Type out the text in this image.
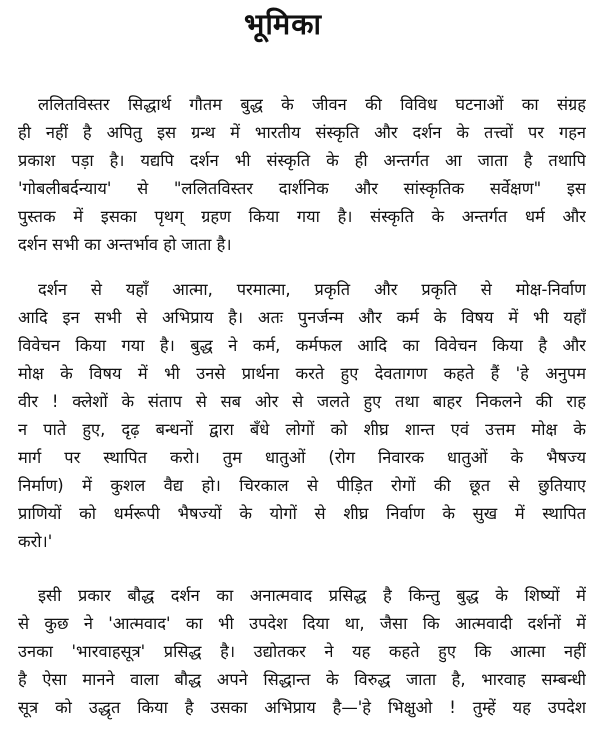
भूमिका
ललितविस्तर सिद्धार्थ गौतम बुद्ध के जीवन की विविध घटनाओं का संग्रह
ही नहीं है अपितु इस ग्रन्थ में भारतीय संस्कृति और दर्शन के तत्त्वों पर गहन
प्रकाश पड़ा है। यद्यपि दर्शन भी संस्कृति के ही अन्तर्गत आ जाता है तथापि
'गोबलीबर्दन्याय' से "ललितविस्तर दार्शनिक और सांस्कृतिक सर्वेक्षण" इस
पुस्तक में इसका पृथग् ग्रहण किया गया है। संस्कृति के अन्तर्गत धर्म और
दर्शन सभी का अन्तर्भाव हो जाता है।
दर्शन से यहाँ आत्मा, परमात्मा, प्रकृति और प्रकृति से मोक्ष-निर्वाण
आदि इन सभी से अभिप्राय है। अतः पुनर्जन्म और कर्म के विषय में भी यहाँ
विवेचन किया गया है। बुद्ध ने कर्म, कर्मफल आदि का विवेचन किया है और
मोक्ष के विषय में भी उनसे प्रार्थना करते हुए देवतागण कहते हैं 'हे अनुपम
वीर ! क्लेशों के संताप से सब ओर से जलते हुए तथा बाहर निकलने की राह
न पाते हुए, दृढ़ बन्धनों द्वारा बँधे लोगों को शीघ्र शान्त एवं उत्तम मोक्ष के
मार्ग पर स्थापित करो। तुम धातुओं (रोग निवारक धातुओं के भैषज्य
निर्माण) में कुशल वैद्य हो। चिरकाल से पीड़ित रोगों की छूत से छुतियाए
प्राणियों को धर्मरूपी भैषज्यों के योगों से शीघ्र निर्वाण के सुख में स्थापित
करो।'
इसी प्रकार बौद्ध दर्शन का अनात्मवाद प्रसिद्ध है किन्तु बुद्ध के शिष्यों में
से कुछ ने 'आत्मवाद' का भी उपदेश दिया था, जैसा कि आत्मवादी दर्शनों में
उनका 'भारवाहसूत्र' प्रसिद्ध है। उद्योतकर ने यह कहते हुए कि आत्मा नहीं
है ऐसा मानने वाला बौद्ध अपने सिद्धान्त के विरुद्ध जाता है, भारवाह सम्बन्धी
सूत्र को उद्धृत किया है उसका अभिप्राय है—'हे भिक्षुओ ! तुम्हें यह उपदेश
